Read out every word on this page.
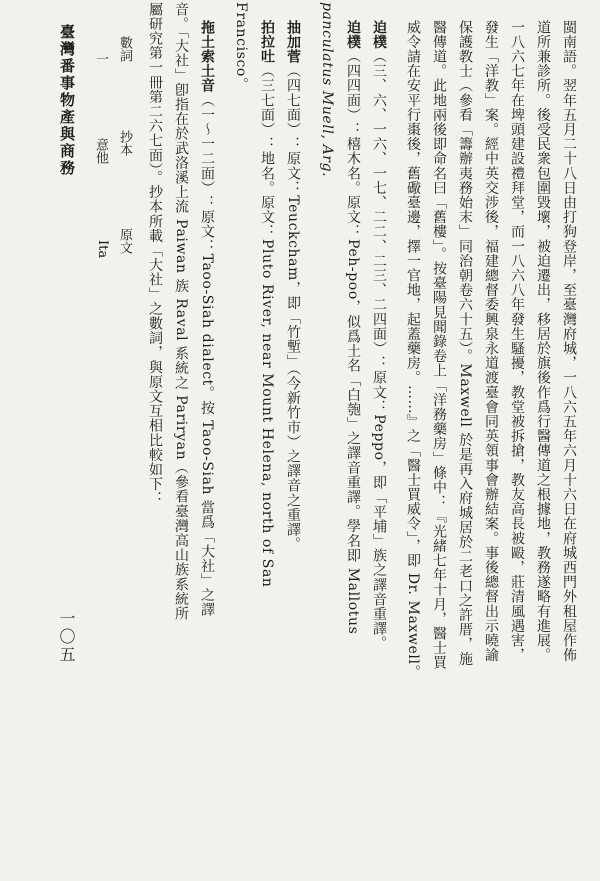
閩南語。翌年五月二十八日由打狗登岸，至臺灣府城，一八六五年六月十六日在府城西門外租屋作佈
道所兼診所。後受民衆包圍毀壞，被迫遷出，移居於旗後作爲行醫傳道之根據地，教務遂略有進展。
一八六七年在埤頭建設禮拜堂，而一八六八年發生騷擾，教堂被拆搶，教友高長被毆，莊清風遇害，
發生「洋教」案。經中英交涉後，福建總督委興泉永道渡臺會同英領事會辦結案。事後總督出示曉諭
保護教士（參看「籌辦夷務始末」同治朝卷六十五）。Maxwell 於是再入府城居於二老口之許厝，施
醫傳道。此地兩後即命名曰「舊樓」。按臺陽見聞錄卷上「洋務藥房」條中：『光緒七年十月，醫士買
威令請在安平行棗後，舊礮臺邊，擇一官地，起蓋藥房。……』之「醫士買威令」，即 Dr. Maxwell。
迫樸（三、六、一六、一七、二二、二三、二四面）：原文：Peppo，即「平埔」族之譯音重譯。
迫樸（四四面）：橲木名。原文：Peh-poo，似爲土名「白匏」之譯音重譯。學名即 Mallotus
panculatus Muell, Arg.
抽加菅（四七面）：原文：Teuckcham，即「竹塹」（今新竹市）之譯音之重譯。
拍拉吐（三七面）：地名。原文：Pluto River, near Mount Helena, north of San
Francisco。
拖土索土音（一～一二面）：原文：Taoo-Siah dialect。按 Taoo-Siah 當爲「大社」之譯
音。「大社」卽指在於武洛溪上流 Paiwan 族 Raval 系統之 Pariryan（參看臺灣高山族系統所
屬研究第一冊第二六七面）。抄本所載「大社」之數詞，與原文互相比較如下：
數詞
抄本
原文
一
意他
Ita
臺灣番事物產與商務
一〇五
